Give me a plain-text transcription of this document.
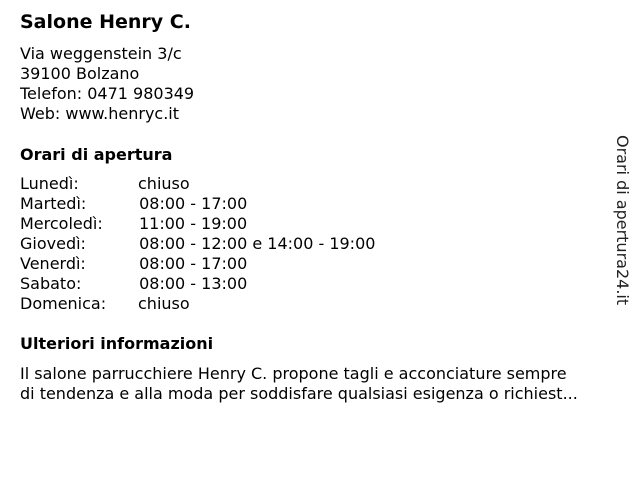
Salone Henry C.
Via weggenstein 3/c
39100 Bolzano
Telefon: 0471 980349
Web: www.henryc.it
Orari di apertura
Lunedì:	chiuso
Martedì:	08:00 - 17:00
Mercoledì: 11:00 - 19:00
Giovedì:	08:00 - 12:00 e 14:00 - 19:00
Venerdì:	08:00 - 17:00
Sabato:	08:00 - 13:00
Domenica: chiuso
Ulteriori informazioni
Il salone parrucchiere Henry C. propone tagli e acconciature sempre
di tendenza e alla moda per soddisfare qualsiasi esigenza o richiest...
Orari di apertura24.it
